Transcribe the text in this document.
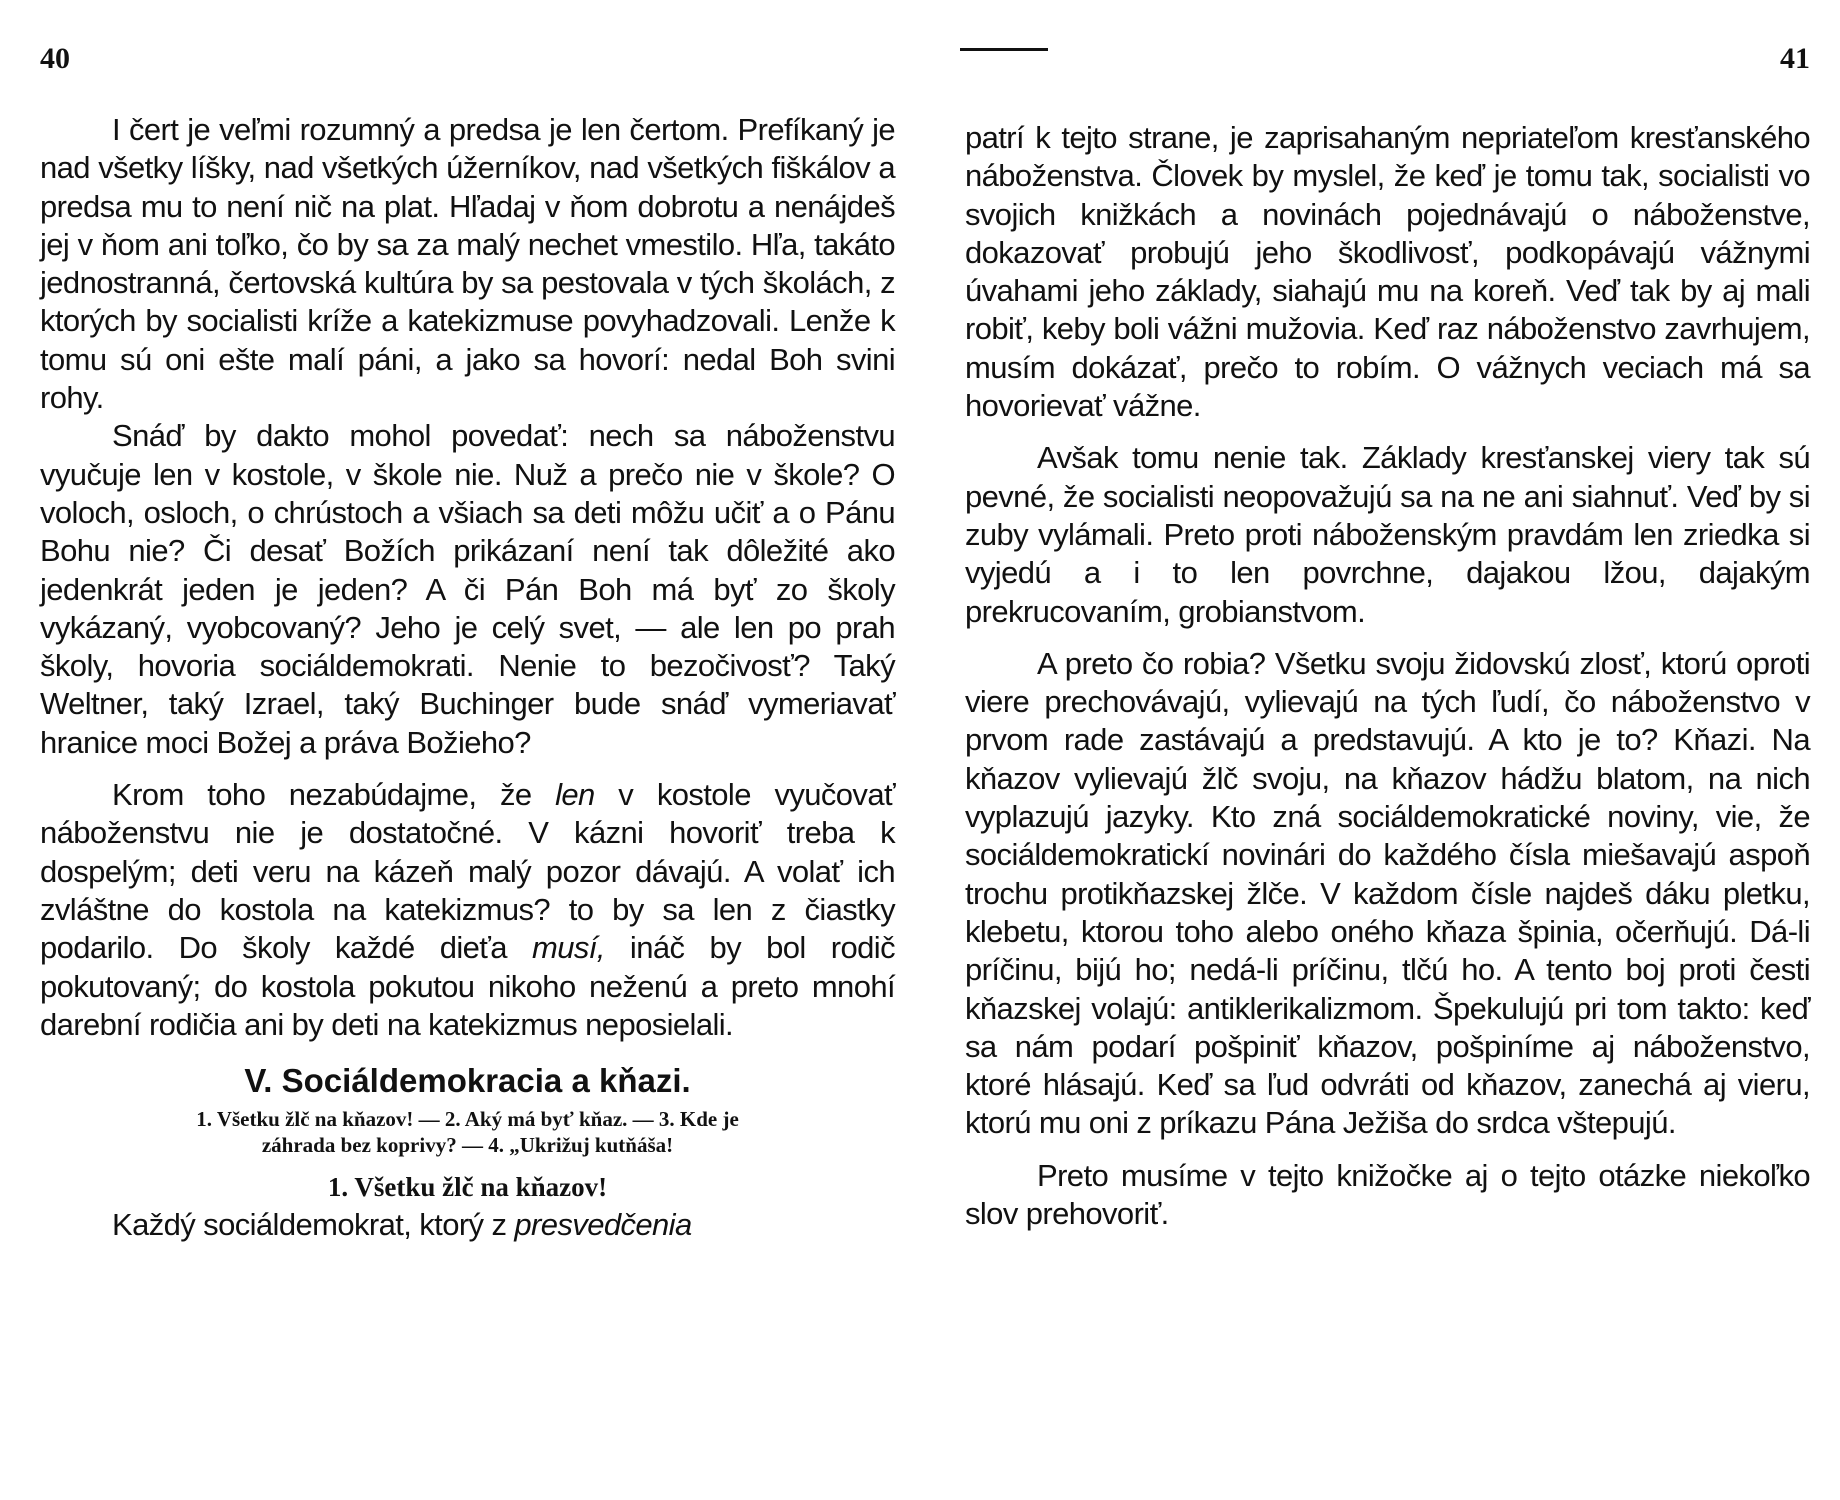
40

I čert je veľmi rozumný a predsa je len čertom. Prefíkaný je nad všetky líšky, nad všetkých úžerníkov, nad všetkých fiškálov a predsa mu to není nič na plat. Hľadaj v ňom dobrotu a nenájdeš jej v ňom ani toľko, čo by sa za malý nechet vmestilo. Hľa, takáto jednostranná, čertovská kultúra by sa pestovala v tých školách, z ktorých by socialisti kríže a katekizmuse povyhadzovali. Lenže k tomu sú oni ešte malí páni, a jako sa hovorí: nedal Boh svini rohy.

Snáď by dakto mohol povedať: nech sa náboženstvu vyučuje len v kostole, v škole nie. Nuž a prečo nie v škole? O voloch, osloch, o chrústoch a všiach sa deti môžu učiť a o Pánu Bohu nie? Či desať Božích prikázaní není tak dôležité ako jedenkrát jeden je jeden? A či Pán Boh má byť zo školy vykázaný, vyobcovaný? Jeho je celý svet, — ale len po prah školy, hovoria sociáldemokrati. Nenie to bezočivosť? Taký Weltner, taký Izrael, taký Buchinger bude snáď vymeriavať hranice moci Božej a práva Božieho?

Krom toho nezabúdajme, že len v kostole vyučovať náboženstvu nie je dostatočné. V kázni hovoriť treba k dospelým; deti veru na kázeň malý pozor dávajú. A volať ich zvláštne do kostola na katekizmus? to by sa len z čiastky podarilo. Do školy každé dieťa musí, ináč by bol rodič pokutovaný; do kostola pokutou nikoho neženú a preto mnohí darební rodičia ani by deti na katekizmus neposielali.

V. Sociáldemokracia a kňazi.
1. Všetku žlč na kňazov! — 2. Aký má byť kňaz. — 3. Kde je
záhrada bez koprivy? — 4. „Ukrižuj kutňáša!
1. Všetku žlč na kňazov!

Každý sociáldemokrat, ktorý z presvedčenia

41

patrí k tejto strane, je zaprisahaným nepriateľom kresťanského náboženstva. Človek by myslel, že keď je tomu tak, socialisti vo svojich knižkách a novinách pojednávajú o náboženstve, dokazovať probujú jeho škodlivosť, podkopávajú vážnymi úvahami jeho základy, siahajú mu na koreň. Veď tak by aj mali robiť, keby boli vážni mužovia. Keď raz náboženstvo zavrhujem, musím dokázať, prečo to robím. O vážnych veciach má sa hovorievať vážne.

Avšak tomu nenie tak. Základy kresťanskej viery tak sú pevné, že socialisti neopovažujú sa na ne ani siahnuť. Veď by si zuby vylámali. Preto proti náboženským pravdám len zriedka si vyjedú a i to len povrchne, dajakou lžou, dajakým prekrucovaním, grobianstvom.

A preto čo robia? Všetku svoju židovskú zlosť, ktorú oproti viere prechovávajú, vylievajú na tých ľudí, čo náboženstvo v prvom rade zastávajú a predstavujú. A kto je to? Kňazi. Na kňazov vylievajú žlč svoju, na kňazov hádžu blatom, na nich vyplazujú jazyky. Kto zná sociáldemokratické noviny, vie, že sociáldemokratickí novinári do každého čísla miešavajú aspoň trochu protikňazskej žlče. V každom čísle najdeš dáku pletku, klebetu, ktorou toho alebo oného kňaza špinia, očerňujú. Dá-li príčinu, bijú ho; nedá-li príčinu, tlčú ho. A tento boj proti česti kňazskej volajú: antiklerikalizmom. Špekulujú pri tom takto: keď sa nám podarí pošpiniť kňazov, pošpiníme aj náboženstvo, ktoré hlásajú. Keď sa ľud odvráti od kňazov, zanechá aj vieru, ktorú mu oni z príkazu Pána Ježiša do srdca vštepujú.

Preto musíme v tejto knižočke aj o tejto otázke niekoľko slov prehovoriť.
